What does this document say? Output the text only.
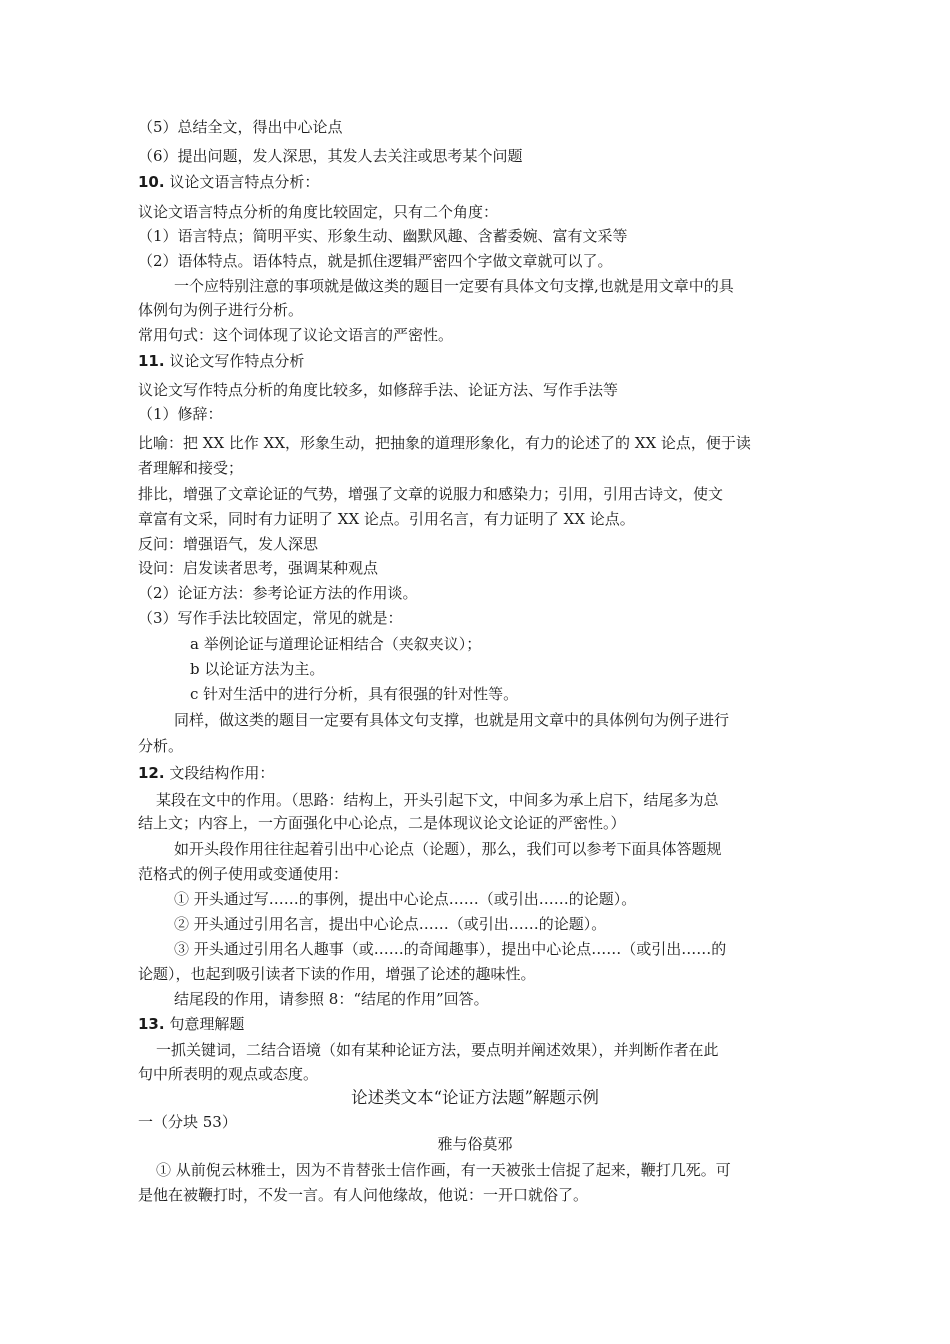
（5）总结全文，得出中心论点
（6）提出问题，发人深思，其发人去关注或思考某个问题
10. 议论文语言特点分析：
议论文语言特点分析的角度比较固定，只有二个角度：
（1）语言特点；简明平实、形象生动、幽默风趣、含蓄委婉、富有文采等
（2）语体特点。语体特点，就是抓住逻辑严密四个字做文章就可以了。
一个应特别注意的事项就是做这类的题目一定要有具体文句支撑,也就是用文章中的具
体例句为例子进行分析。
常用句式：这个词体现了议论文语言的严密性。
11. 议论文写作特点分析
议论文写作特点分析的角度比较多，如修辞手法、论证方法、写作手法等
（1）修辞：
比喻：把 XX 比作 XX，形象生动，把抽象的道理形象化，有力的论述了的 XX 论点，便于读
者理解和接受；
排比，增强了文章论证的气势，增强了文章的说服力和感染力；引用，引用古诗文，使文
章富有文采，同时有力证明了 XX 论点。引用名言，有力证明了 XX 论点。
反问：增强语气，发人深思
设问：启发读者思考，强调某种观点
（2）论证方法：参考论证方法的作用谈。
（3）写作手法比较固定，常见的就是：
a 举例论证与道理论证相结合（夹叙夹议）；
b 以论证方法为主。
c 针对生活中的进行分析，具有很强的针对性等。
同样，做这类的题目一定要有具体文句支撑，也就是用文章中的具体例句为例子进行
分析。
12. 文段结构作用：
某段在文中的作用。（思路：结构上，开头引起下文，中间多为承上启下，结尾多为总
结上文；内容上，一方面强化中心论点，二是体现议论文论证的严密性。）
如开头段作用往往起着引出中心论点（论题），那么，我们可以参考下面具体答题规
范格式的例子使用或变通使用：
① 开头通过写……的事例，提出中心论点……（或引出……的论题）。
② 开头通过引用名言，提出中心论点……（或引出……的论题）。
③ 开头通过引用名人趣事（或……的奇闻趣事），提出中心论点……（或引出……的
论题），也起到吸引读者下读的作用，增强了论述的趣味性。
结尾段的作用，请参照 8：“结尾的作用”回答。
13. 句意理解题
一抓关键词，二结合语境（如有某种论证方法，要点明并阐述效果），并判断作者在此
句中所表明的观点或态度。
论述类文本“论证方法题”解题示例
一（分块 53）
雅与俗莫邪
① 从前倪云林雅士，因为不肯替张士信作画，有一天被张士信捉了起来，鞭打几死。可
是他在被鞭打时，不发一言。有人问他缘故，他说：一开口就俗了。
